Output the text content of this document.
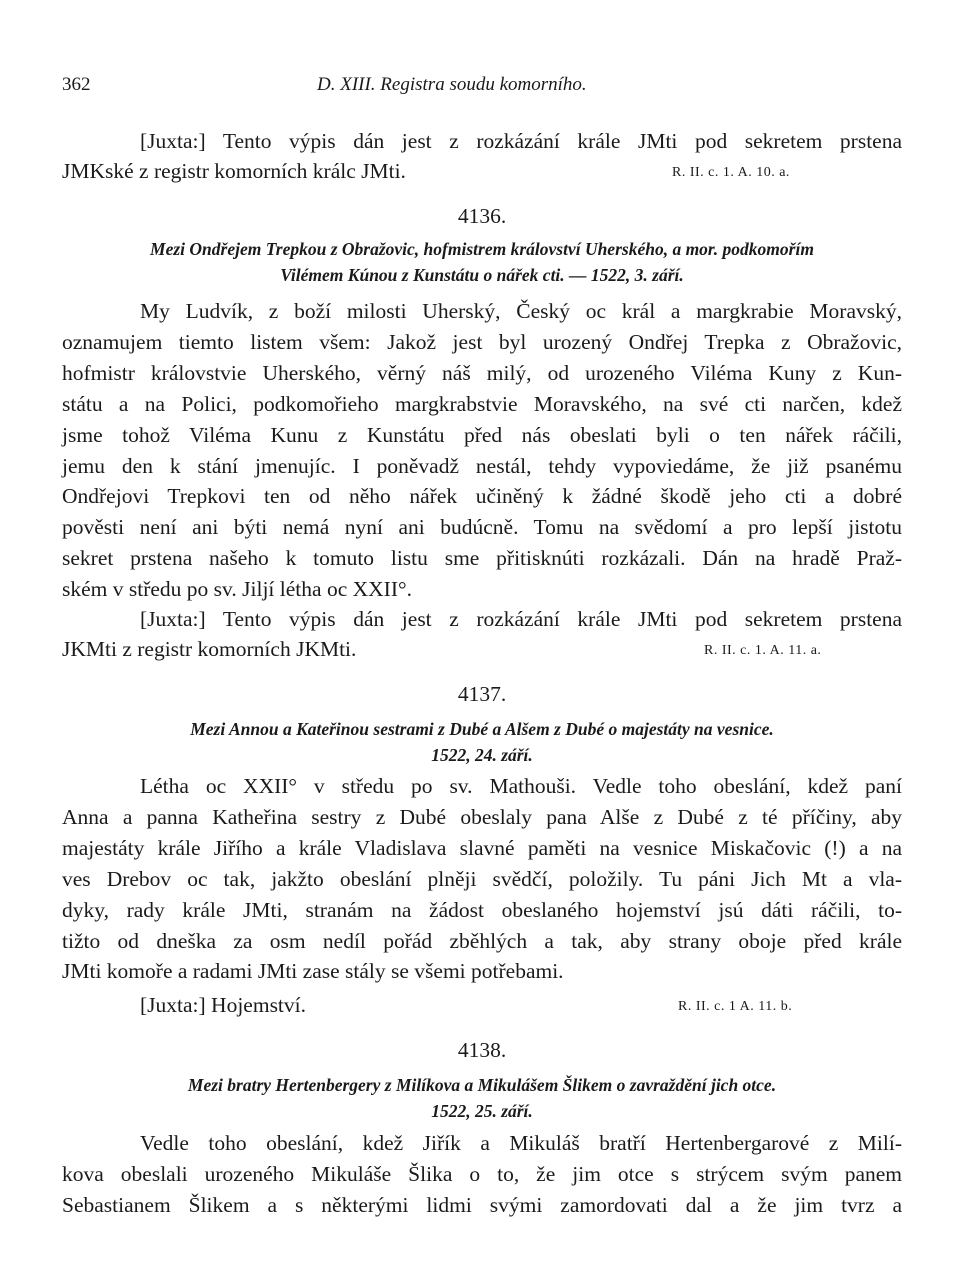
362	D. XIII. Registra soudu komorního.
[Juxta:] Tento výpis dán jest z rozkázání krále JMti pod sekretem prstena
JMKské z registr komorních králc JMti.	R. II. c. 1. A. 10. a.
4136.
Mezi Ondřejem Trepkou z Obražovic, hofmistrem království Uherského, a mor. podkomořím
Vilémem Kúnou z Kunstátu o nářek cti. — 1522, 3. září.
My Ludvík, z boží milosti Uherský, Český oc král a margkrabie Moravský,
oznamujem tiemto listem všem: Jakož jest byl urozený Ondřej Trepka z Obražovic,
hofmistr královstvie Uherského, věrný náš milý, od urozeného Viléma Kuny z Kun-
státu a na Polici, podkomořieho margkrabstvie Moravského, na své cti narčen, kdež
jsme tohož Viléma Kunu z Kunstátu před nás obeslati byli o ten nářek ráčili,
jemu den k stání jmenujíc. I poněvadž nestál, tehdy vypoviedáme, že již psanému
Ondřejovi Trepkovi ten od něho nářek učiněný k žádné škodě jeho cti a dobré
pověsti není ani býti nemá nyní ani budúcně. Tomu na svědomí a pro lepší jistotu
sekret prstena našeho k tomuto listu sme přitisknúti rozkázali. Dán na hradě Praž-
ském v středu po sv. Jiljí létha oc XXII°.
[Juxta:] Tento výpis dán jest z rozkázání krále JMti pod sekretem prstena
JKMti z registr komorních JKMti.	R. II. c. 1. A. 11. a.
4137.
Mezi Annou a Kateřinou sestrami z Dubé a Alšem z Dubé o majestáty na vesnice.
1522, 24. září.
Létha oc XXII° v středu po sv. Mathouši. Vedle toho obeslání, kdež paní
Anna a panna Katheřina sestry z Dubé obeslaly pana Alše z Dubé z té příčiny, aby
majestáty krále Jiřího a krále Vladislava slavné paměti na vesnice Miskačovic (!) a na
ves Drebov oc tak, jakžto obeslání plněji svědčí, položily. Tu páni Jich Mt a vla-
dyky, rady krále JMti, stranám na žádost obeslaného hojemství jsú dáti ráčili, to-
tižto od dneška za osm nedíl pořád zběhlých a tak, aby strany oboje před krále
JMti komoře a radami JMti zase stály se všemi potřebami.
[Juxta:] Hojemství.	R. II. c. 1 A. 11. b.
4138.
Mezi bratry Hertenbergery z Milíkova a Mikulášem Šlikem o zavraždění jich otce.
1522, 25. září.
Vedle toho obeslání, kdež Jiřík a Mikuláš bratří Hertenbergarové z Milí-
kova obeslali urozeného Mikuláše Šlika o to, že jim otce s strýcem svým panem
Sebastianem Šlikem a s některými lidmi svými zamordovati dal a že jim tvrz a
